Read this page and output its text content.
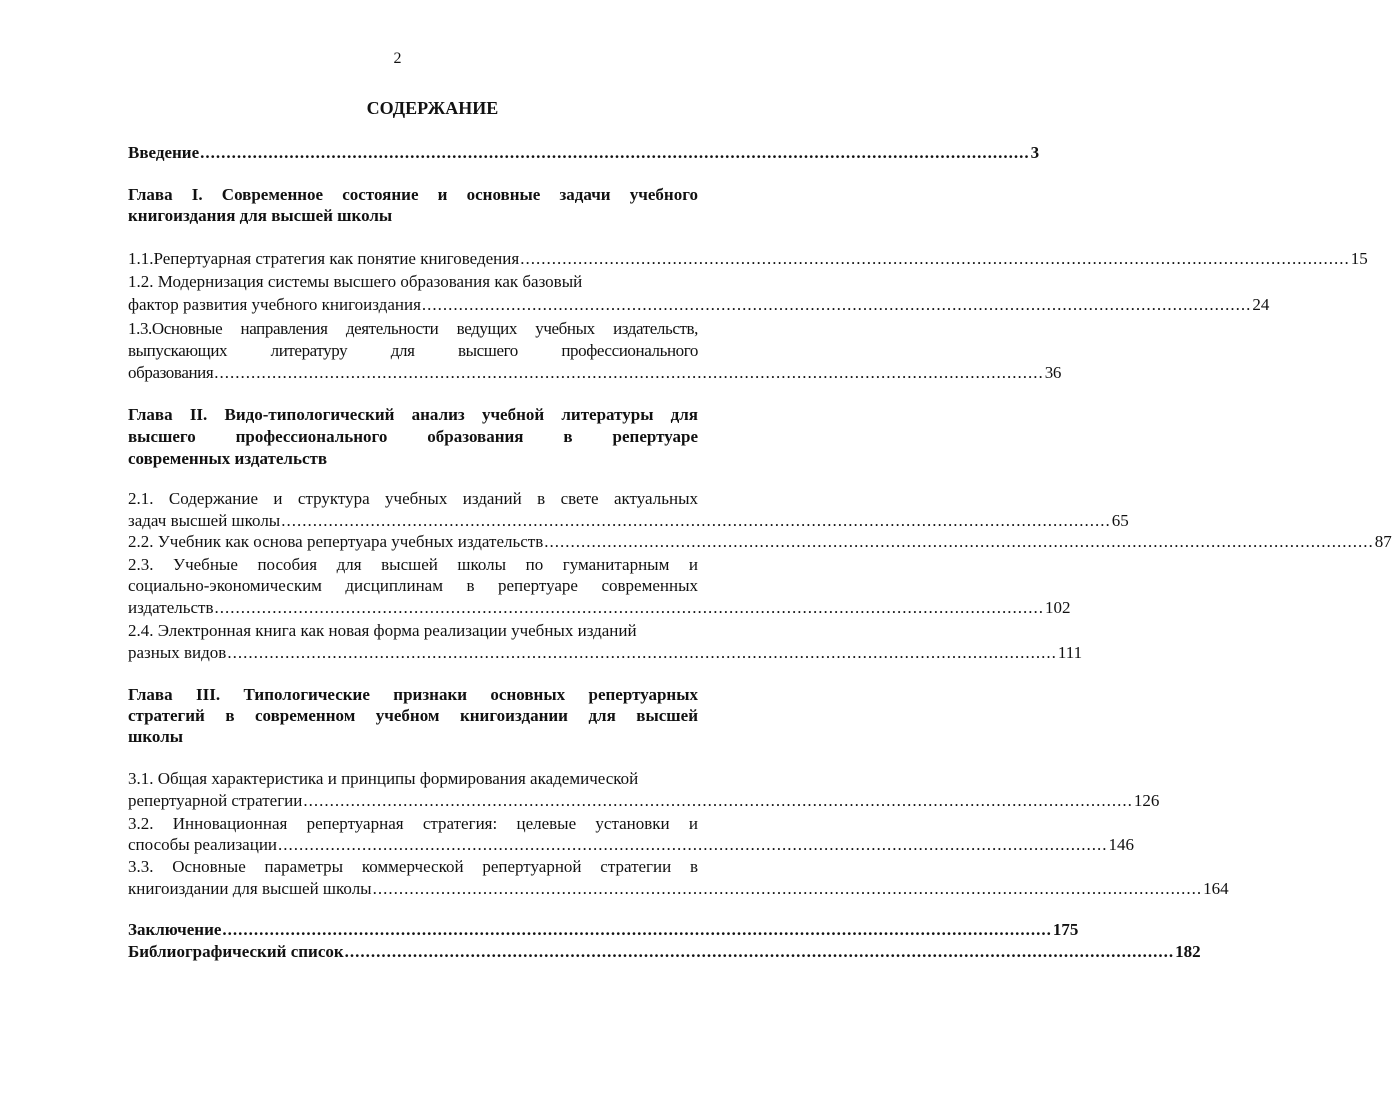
2
СОДЕРЖАНИЕ
Введение .............................................................................................................................................................. 3
Глава I. Современное состояние и основные задачи учебного
книгоиздания для высшей школы
1.1.Репертуарная стратегия как понятие книговедения .............................................................................................................................................................. 15
1.2. Модернизация системы высшего образования как базовый
фактор развития учебного книгоиздания .............................................................................................................................................................. 24
1.3.Основные направления деятельности ведущих учебных издательств,
выпускающих литературу для высшего профессионального
образования .............................................................................................................................................................. 36
Глава II. Видо-типологический анализ учебной литературы для
высшего профессионального образования в репертуаре
современных издательств
2.1. Содержание и структура учебных изданий в свете актуальных
задач высшей школы .............................................................................................................................................................. 65
2.2. Учебник как основа репертуара учебных издательств .............................................................................................................................................................. 87
2.3. Учебные пособия для высшей школы по гуманитарным и
социально-экономическим дисциплинам в репертуаре современных
издательств .............................................................................................................................................................. 102
2.4. Электронная книга как новая форма реализации учебных изданий
разных видов .............................................................................................................................................................. 111
Глава III. Типологические признаки основных репертуарных
стратегий в современном учебном книгоиздании для высшей
школы
3.1. Общая характеристика и принципы формирования академической
репертуарной стратегии .............................................................................................................................................................. 126
3.2. Инновационная репертуарная стратегия: целевые установки и
способы реализации .............................................................................................................................................................. 146
3.3. Основные параметры коммерческой репертуарной стратегии в
книгоиздании для высшей школы .............................................................................................................................................................. 164
Заключение .............................................................................................................................................................. 175
Библиографический список .............................................................................................................................................................. 182
